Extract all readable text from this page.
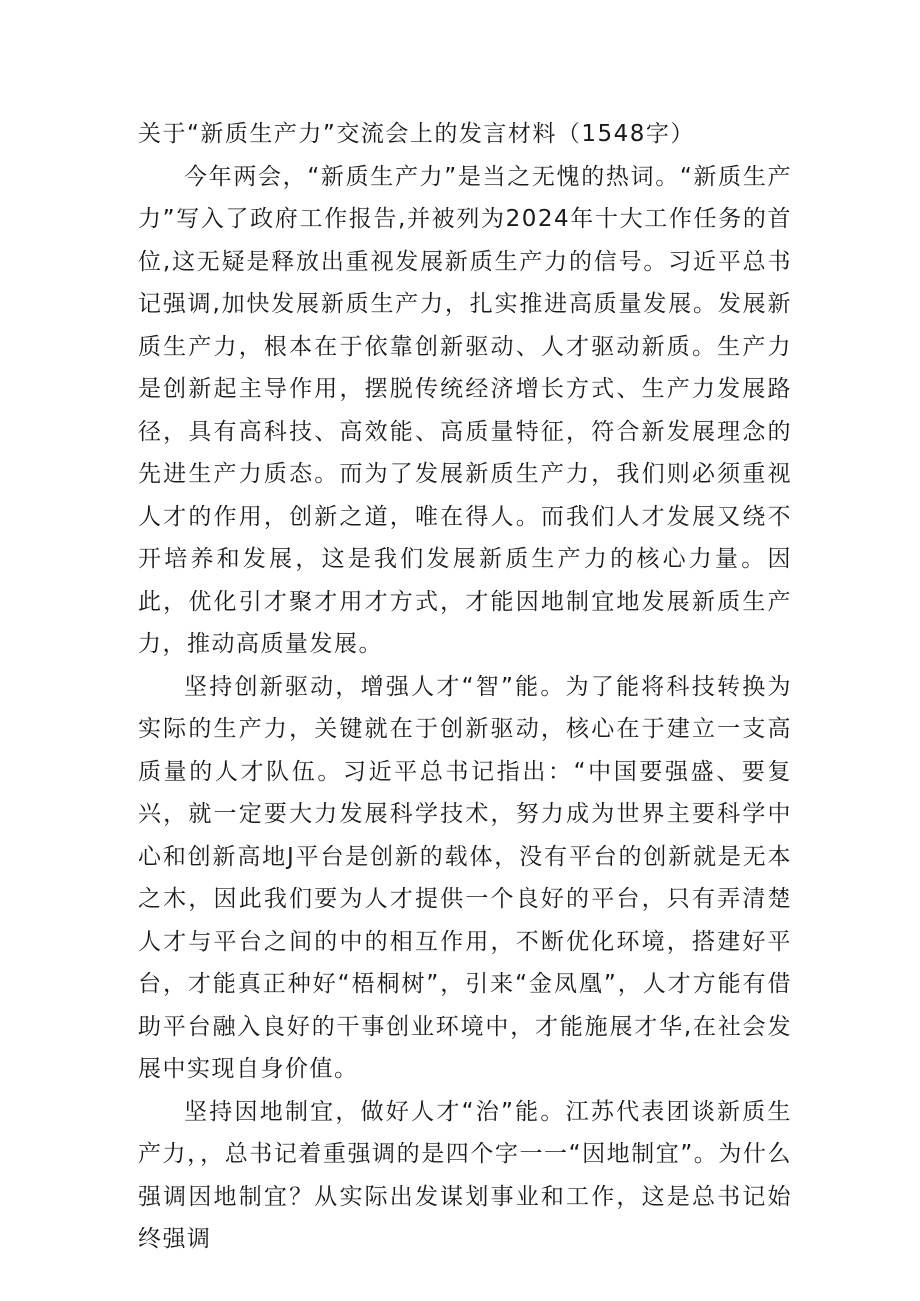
关于“新质生产力”交流会上的发言材料（1548字）

今年两会，“新质生产力”是当之无愧的热词。“新质生产力”写入了政府工作报告,并被列为2024年十大工作任务的首位,这无疑是释放出重视发展新质生产力的信号。习近平总书记强调,加快发展新质生产力，扎实推进高质量发展。发展新质生产力，根本在于依靠创新驱动、人才驱动新质。生产力是创新起主导作用，摆脱传统经济增长方式、生产力发展路径，具有高科技、高效能、高质量特征，符合新发展理念的先进生产力质态。而为了发展新质生产力，我们则必须重视人才的作用，创新之道，唯在得人。而我们人才发展又绕不开培养和发展，这是我们发展新质生产力的核心力量。因此，优化引才聚才用才方式，才能因地制宜地发展新质生产力，推动高质量发展。

坚持创新驱动，增强人才“智”能。为了能将科技转换为实际的生产力，关键就在于创新驱动，核心在于建立一支高质量的人才队伍。习近平总书记指出：“中国要强盛、要复兴，就一定要大力发展科学技术，努力成为世界主要科学中心和创新高地J平台是创新的载体，没有平台的创新就是无本之木，因此我们要为人才提供一个良好的平台，只有弄清楚人才与平台之间的中的相互作用，不断优化环境，搭建好平台，才能真正种好“梧桐树”，引来“金凤凰”，人才方能有借助平台融入良好的干事创业环境中，才能施展才华,在社会发展中实现自身价值。

坚持因地制宜，做好人才“治”能。江苏代表团谈新质生产力，，总书记着重强调的是四个字一一“因地制宜”。为什么强调因地制宜？从实际出发谋划事业和工作，这是总书记始终强调
